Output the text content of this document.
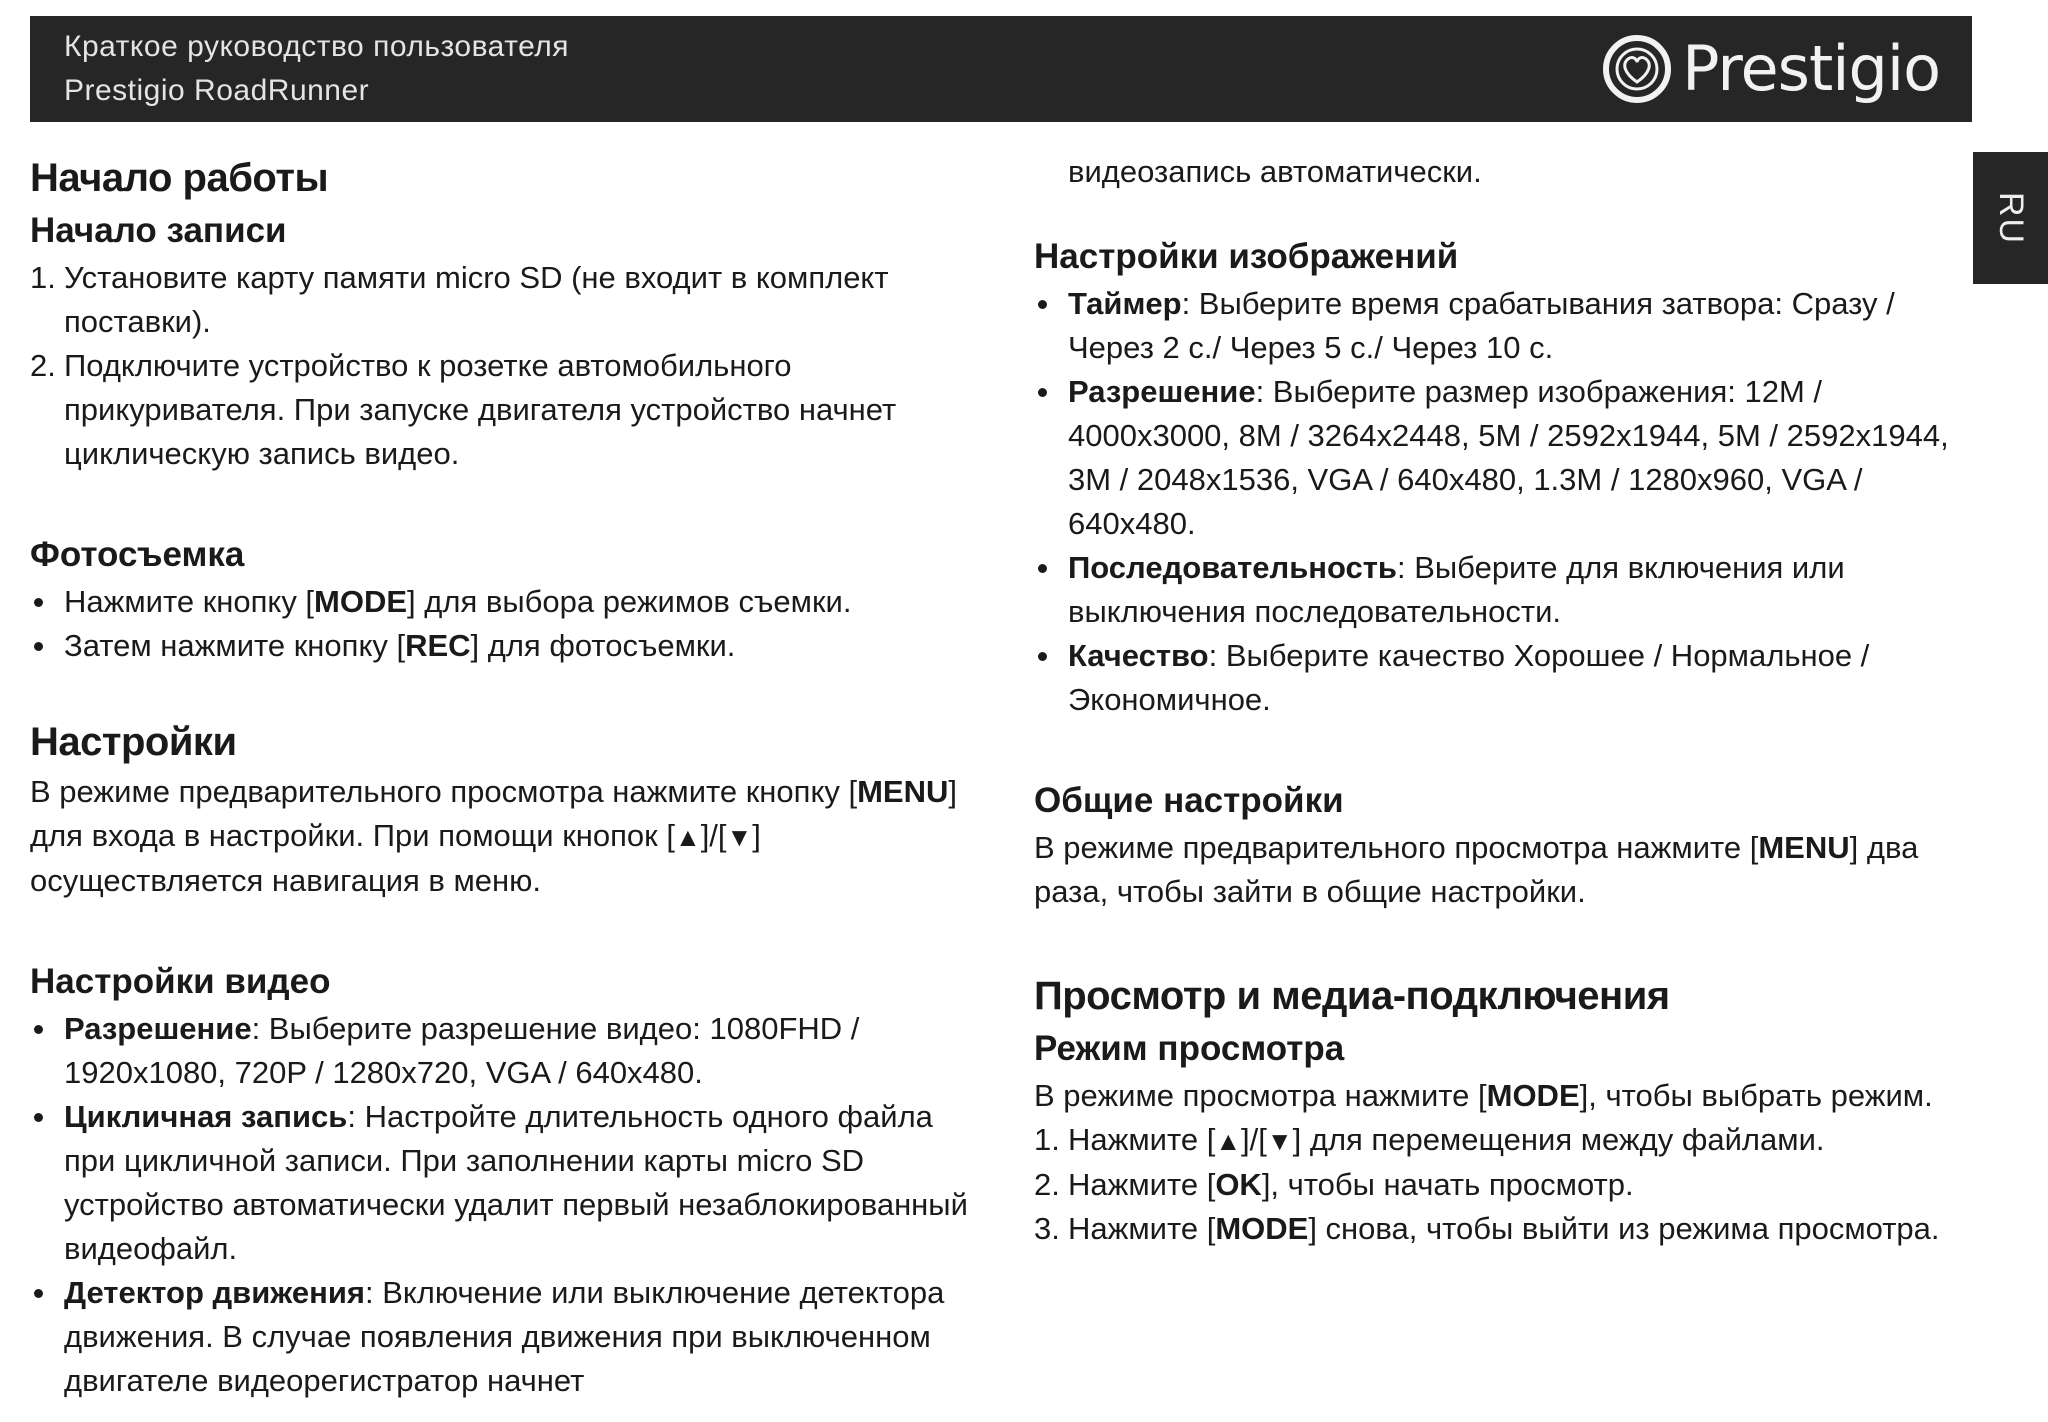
Краткое руководство пользователя
Prestigio RoadRunner	Prestigio
RU
Начало работы
Начало записи
1. Установите карту памяти micro SD (не входит в комплект поставки).
2. Подключите устройство к розетке автомобильного прикуривателя. При запуске двигателя устройство начнет циклическую запись видео.
Фотосъемка
Нажмите кнопку [MODE] для выбора режимов съемки.
Затем нажмите кнопку [REC] для фотосъемки.
Настройки

В режиме предварительного просмотра нажмите кнопку [MENU] для входа в настройки. При помощи кнопок [▲]/[▼] осуществляется навигация в меню.

Настройки видео
Разрешение: Выберите разрешение видео: 1080FHD / 1920x1080, 720P / 1280x720, VGA / 640x480.
Цикличная запись: Настройте длительность одного файла при цикличной записи. При заполнении карты micro SD устройство автоматически удалит первый незаблокированный видеофайл.
Детектор движения: Включение или выключение детектора движения. В случае появления движения при выключенном двигателе видеорегистратор начнет

видеозапись автоматически.

Настройки изображений
Таймер: Выберите время срабатывания затвора: Сразу /Через 2 с./ Через 5 с./ Через 10 с.
Разрешение: Выберите размер изображения: 12M / 4000x3000, 8M / 3264x2448, 5M / 2592x1944, 5M / 2592x1944, 3M / 2048x1536, VGA / 640x480, 1.3M / 1280x960, VGA / 640x480.
Последовательность: Выберите для включения или выключения последовательности.
Качество: Выберите качество Хорошее / Нормальное / Экономичное.
Общие настройки

В режиме предварительного просмотра нажмите [MENU] два раза, чтобы зайти в общие настройки.

Просмотр и медиа-подключения
Режим просмотра

В режиме просмотра нажмите [MODE], чтобы выбрать режим.

1. Нажмите [▲]/[▼] для перемещения между файлами.
2. Нажмите [OK], чтобы начать просмотр.
3. Нажмите [MODE] снова, чтобы выйти из режима просмотра.
